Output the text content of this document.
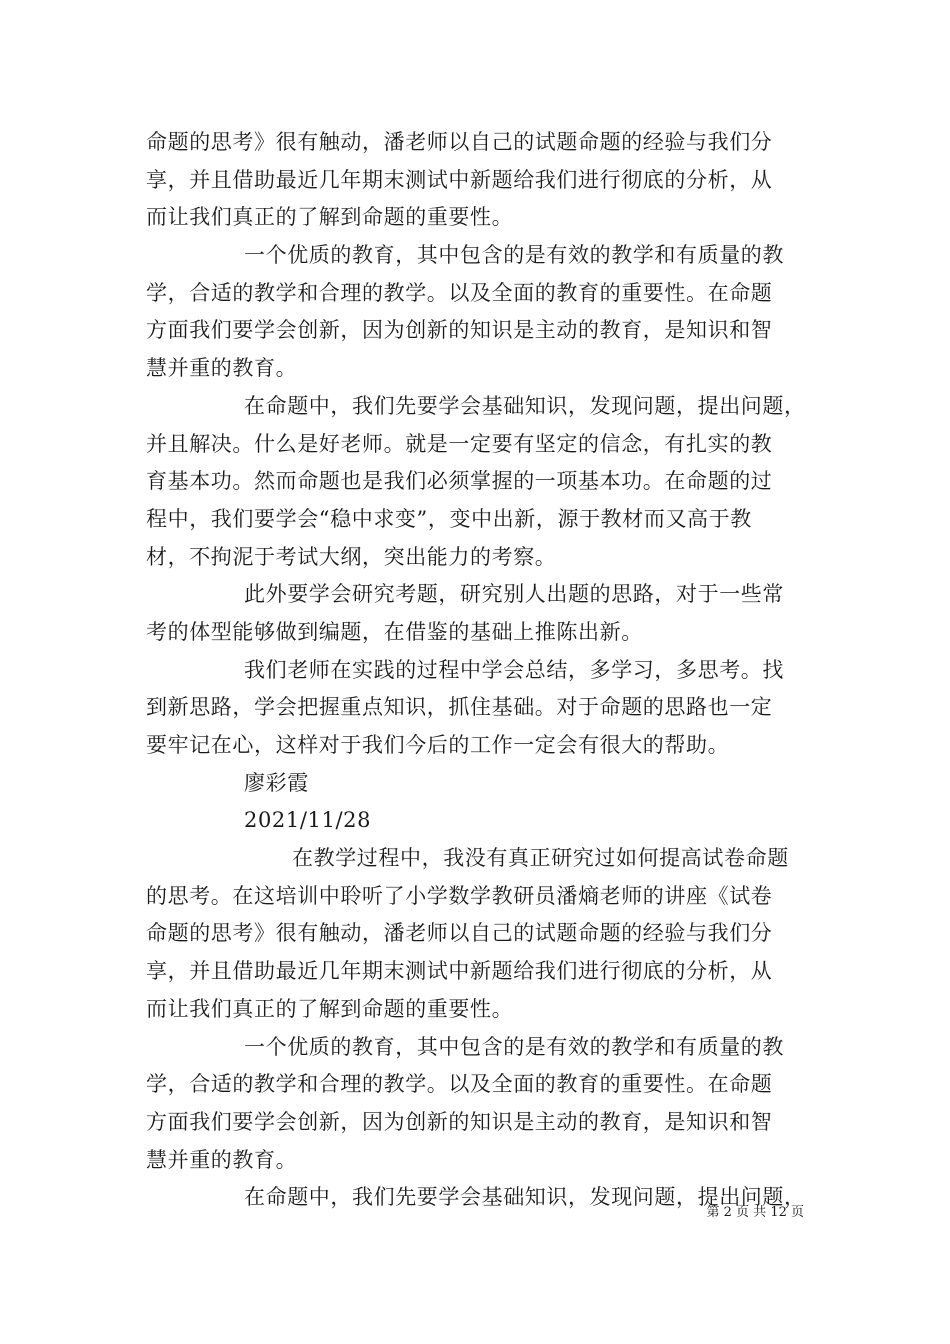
命题的思考》很有触动，潘老师以自己的试题命题的经验与我们分
享，并且借助最近几年期末测试中新题给我们进行彻底的分析，从
而让我们真正的了解到命题的重要性。
一个优质的教育，其中包含的是有效的教学和有质量的教
学，合适的教学和合理的教学。以及全面的教育的重要性。在命题
方面我们要学会创新，因为创新的知识是主动的教育，是知识和智
慧并重的教育。
在命题中，我们先要学会基础知识，发现问题，提出问题，
并且解决。什么是好老师。就是一定要有坚定的信念，有扎实的教
育基本功。然而命题也是我们必须掌握的一项基本功。在命题的过
程中，我们要学会“稳中求变”，变中出新，源于教材而又高于教
材，不拘泥于考试大纲，突出能力的考察。
此外要学会研究考题，研究别人出题的思路，对于一些常
考的体型能够做到编题，在借鉴的基础上推陈出新。
我们老师在实践的过程中学会总结，多学习，多思考。找
到新思路，学会把握重点知识，抓住基础。对于命题的思路也一定
要牢记在心，这样对于我们今后的工作一定会有很大的帮助。
廖彩霞
2021/11/28
在教学过程中，我没有真正研究过如何提高试卷命题
的思考。在这培训中聆听了小学数学教研员潘熵老师的讲座《试卷
命题的思考》很有触动，潘老师以自己的试题命题的经验与我们分
享，并且借助最近几年期末测试中新题给我们进行彻底的分析，从
而让我们真正的了解到命题的重要性。
一个优质的教育，其中包含的是有效的教学和有质量的教
学，合适的教学和合理的教学。以及全面的教育的重要性。在命题
方面我们要学会创新，因为创新的知识是主动的教育，是知识和智
慧并重的教育。
在命题中，我们先要学会基础知识，发现问题，提出问题，
第 2 页 共 12 页
